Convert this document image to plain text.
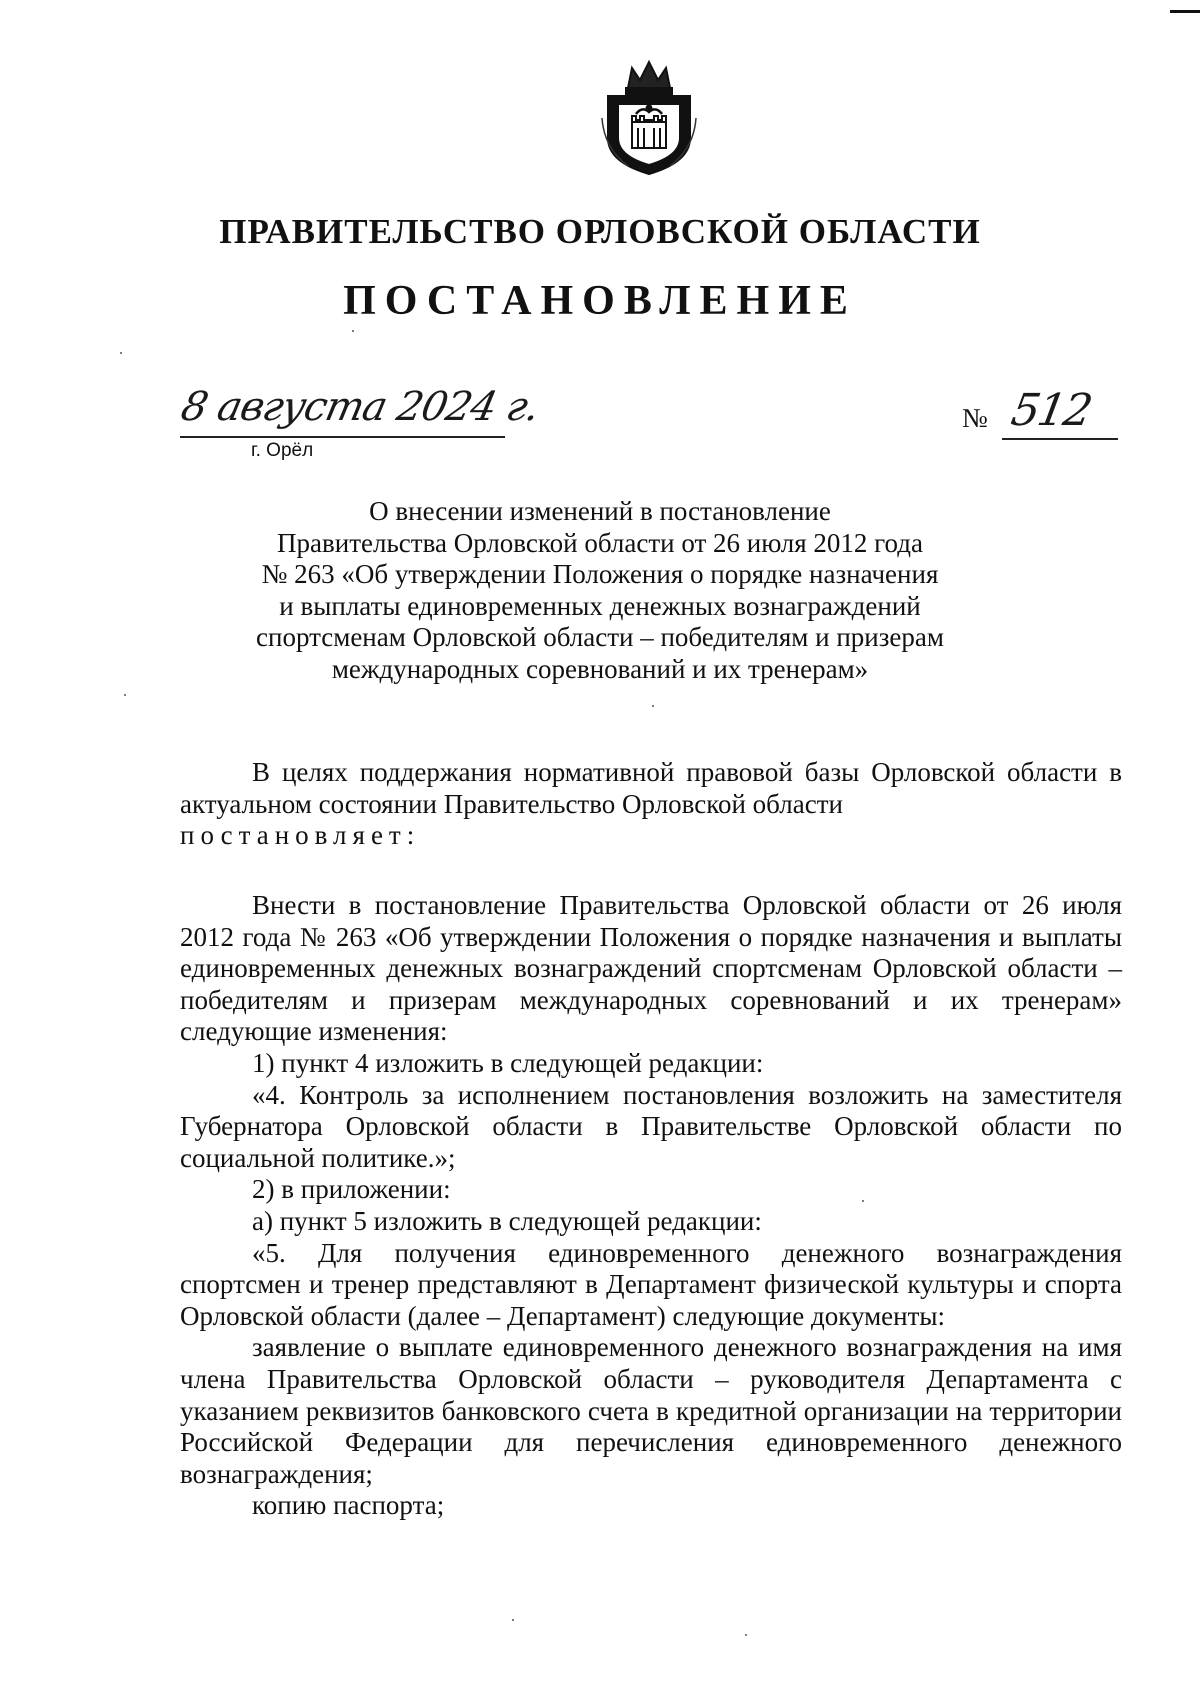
ПРАВИТЕЛЬСТВО ОРЛОВСКОЙ ОБЛАСТИ
ПОСТАНОВЛЕНИЕ
8 августа 2024 г.
г. Орёл
№ 512
О внесении изменений в постановление
Правительства Орловской области от 26 июля 2012 года
№ 263 «Об утверждении Положения о порядке назначения
и выплаты единовременных денежных вознаграждений
спортсменам Орловской области – победителям и призерам
международных соревнований и их тренерам»

В целях поддержания нормативной правовой базы Орловской области в актуальном состоянии Правительство Орловской области

постановляет:

Внести в постановление Правительства Орловской области от 26 июля 2012 года № 263 «Об утверждении Положения о порядке назначения и выплаты единовременных денежных вознаграждений спортсменам Орловской области – победителям и призерам международных соревнований и их тренерам» следующие изменения:

1) пункт 4 изложить в следующей редакции:

«4. Контроль за исполнением постановления возложить на заместителя Губернатора Орловской области в Правительстве Орловской области по социальной политике.»;

2) в приложении:

а) пункт 5 изложить в следующей редакции:

«5. Для получения единовременного денежного вознаграждения спортсмен и тренер представляют в Департамент физической культуры и спорта Орловской области (далее – Департамент) следующие документы:

заявление о выплате единовременного денежного вознаграждения на имя члена Правительства Орловской области – руководителя Департамента с указанием реквизитов банковского счета в кредитной организации на территории Российской Федерации для перечисления единовременного денежного вознаграждения;

копию паспорта;
